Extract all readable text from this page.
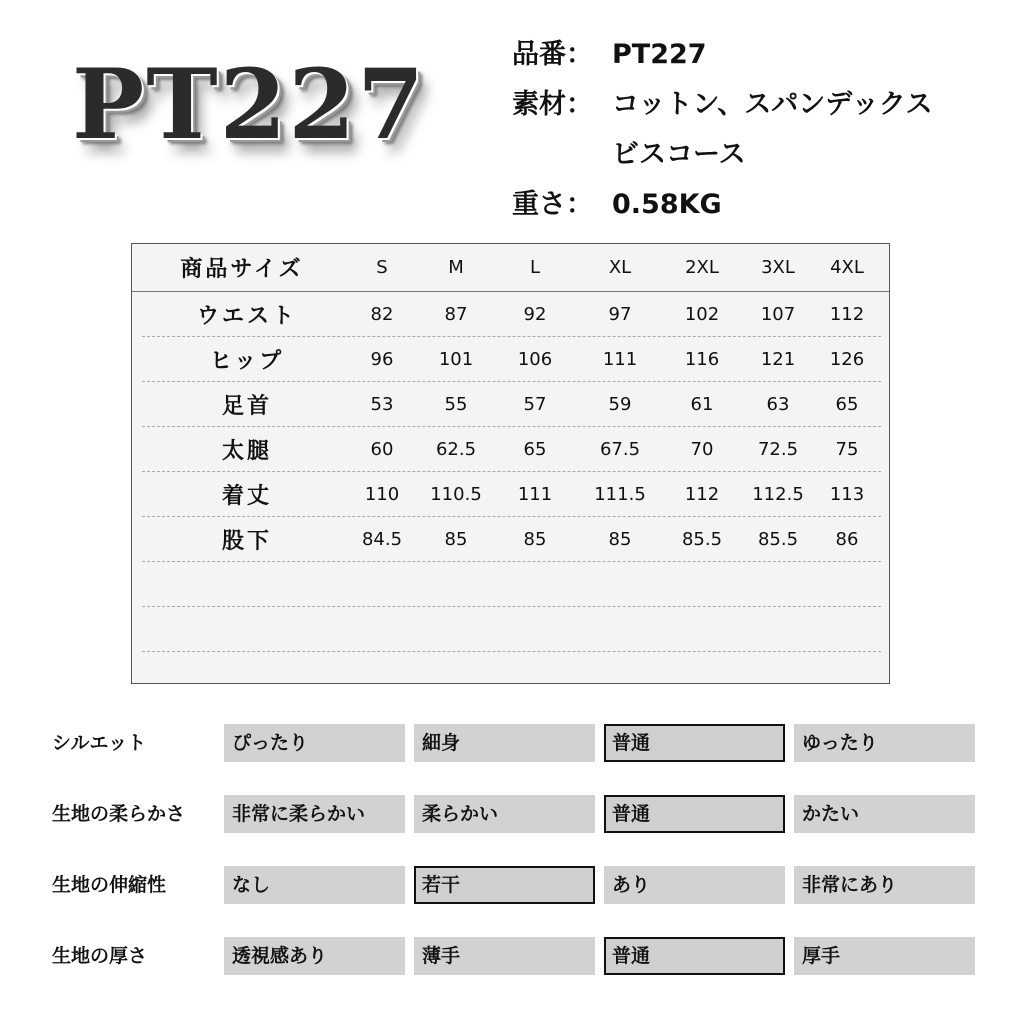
PT227	品番： PT227
素材： コットン、スパンデックス
ビスコース
重さ： 0.58KG
商品サイズ	S	M	L	XL	2XL	3XL	4XL
ウエスト	82	87	92	97	102	107	112
ヒップ	96	101	106	111	116	121	126
足首	53	55	57	59	61	63	65
太腿	60	62.5	65	67.5	70	72.5	75
着丈	110	110.5	111	111.5	112	112.5	113
股下	84.5	85	85	85	85.5	85.5	86
シルエット	ぴったり	細身	普通	ゆったり
生地の柔らかさ	非常に柔らかい	柔らかい	普通	かたい
生地の伸縮性	なし	若干	あり	非常にあり
生地の厚さ	透視感あり	薄手	普通	厚手
